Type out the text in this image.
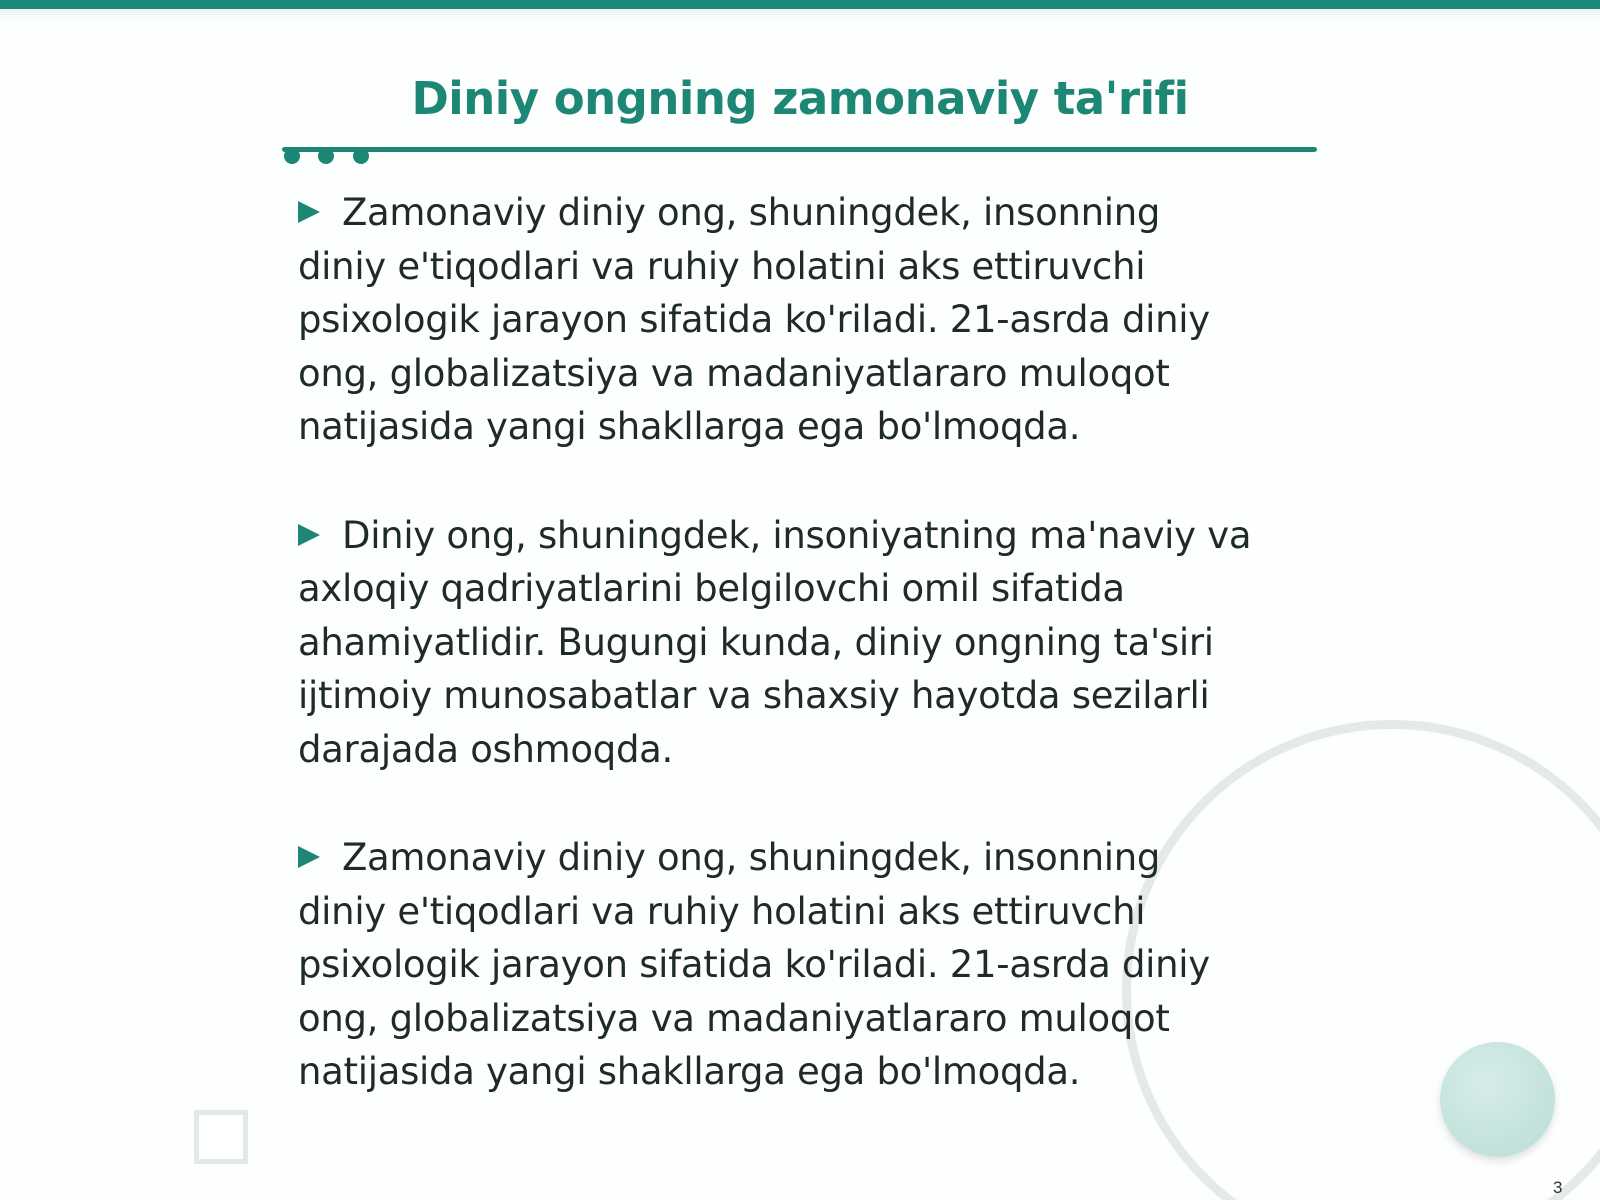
Diniy ongning zamonaviy ta'rifi

Zamonaviy diniy ong, shuningdek, insonning diniy e'tiqodlari va ruhiy holatini aks ettiruvchi psixologik jarayon sifatida ko'riladi. 21-asrda diniy ong, globalizatsiya va madaniyatlararo muloqot natijasida yangi shakllarga ega bo'lmoqda.

Diniy ong, shuningdek, insoniyatning ma'naviy va axloqiy qadriyatlarini belgilovchi omil sifatida ahamiyatlidir. Bugungi kunda, diniy ongning ta'siri ijtimoiy munosabatlar va shaxsiy hayotda sezilarli darajada oshmoqda.

Zamonaviy diniy ong, shuningdek, insonning diniy e'tiqodlari va ruhiy holatini aks ettiruvchi psixologik jarayon sifatida ko'riladi. 21-asrda diniy ong, globalizatsiya va madaniyatlararo muloqot natijasida yangi shakllarga ega bo'lmoqda.

3
